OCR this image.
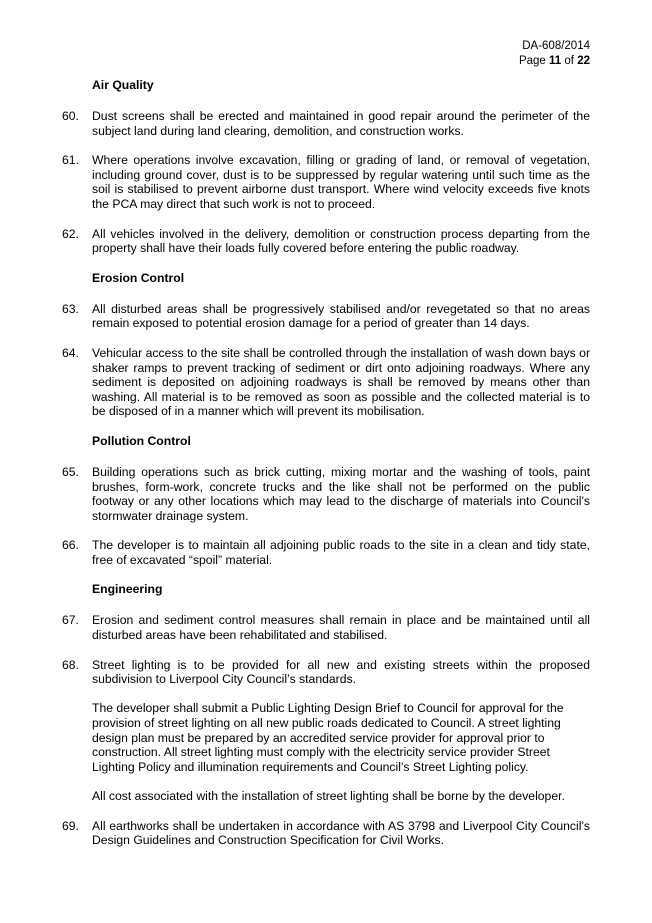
DA-608/2014
Page 11 of 22
Air Quality
60.	Dust screens shall be erected and maintained in good repair around the perimeter of the subject land during land clearing, demolition, and construction works.

61.	Where operations involve excavation, filling or grading of land, or removal of vegetation, including ground cover, dust is to be suppressed by regular watering until such time as the soil is stabilised to prevent airborne dust transport. Where wind velocity exceeds five knots the PCA may direct that such work is not to proceed.

62.	All vehicles involved in the delivery, demolition or construction process departing from the property shall have their loads fully covered before entering the public roadway.

Erosion Control
63.	All disturbed areas shall be progressively stabilised and/or revegetated so that no areas remain exposed to potential erosion damage for a period of greater than 14 days.

64.	Vehicular access to the site shall be controlled through the installation of wash down bays or shaker ramps to prevent tracking of sediment or dirt onto adjoining roadways. Where any sediment is deposited on adjoining roadways is shall be removed by means other than washing. All material is to be removed as soon as possible and the collected material is to be disposed of in a manner which will prevent its mobilisation.

Pollution Control
65.	Building operations such as brick cutting, mixing mortar and the washing of tools, paint brushes, form-work, concrete trucks and the like shall not be performed on the public footway or any other locations which may lead to the discharge of materials into Council’s stormwater drainage system.

66.	The developer is to maintain all adjoining public roads to the site in a clean and tidy state, free of excavated “spoil” material.

Engineering
67.	Erosion and sediment control measures shall remain in place and be maintained until all disturbed areas have been rehabilitated and stabilised.

68.	Street lighting is to be provided for all new and existing streets within the proposed subdivision to Liverpool City Council’s standards.

The developer shall submit a Public Lighting Design Brief to Council for approval for the provision of street lighting on all new public roads dedicated to Council. A street lighting design plan must be prepared by an accredited service provider for approval prior to construction. All street lighting must comply with the electricity service provider Street Lighting Policy and illumination requirements and Council’s Street Lighting policy.

All cost associated with the installation of street lighting shall be borne by the developer.

69.	All earthworks shall be undertaken in accordance with AS 3798 and Liverpool City Council’s Design Guidelines and Construction Specification for Civil Works.
